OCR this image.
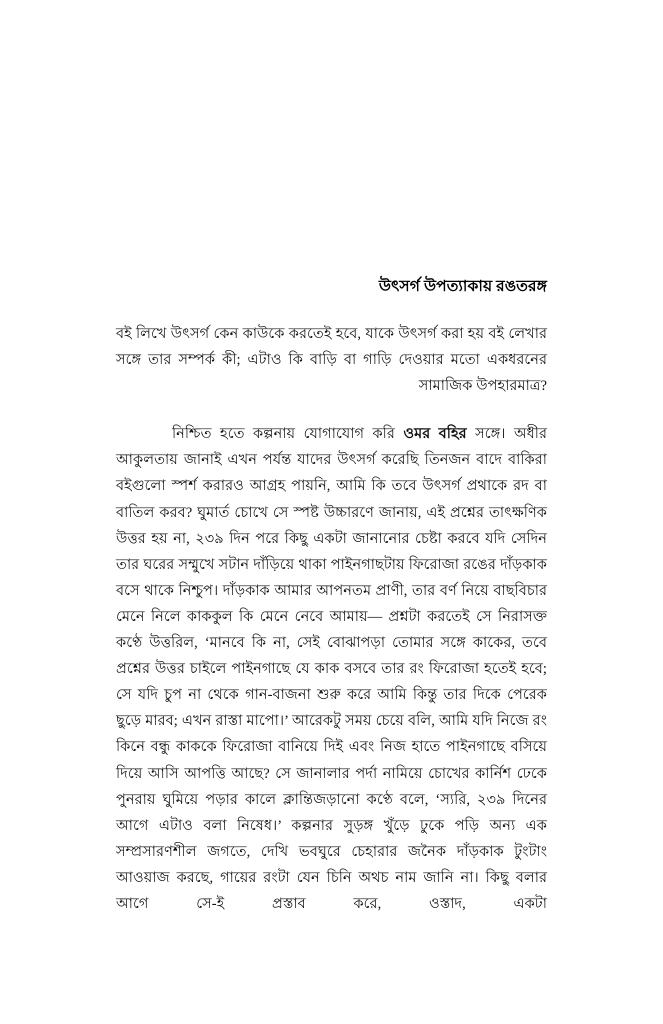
উৎসর্গ উপত্যাকায় রঙতরঙ্গ

বই লিখে উৎসর্গ কেন কাউকে করতেই হবে, যাকে উৎসর্গ করা হয় বই লেখার সঙ্গে তার সম্পর্ক কী; এটাও কি বাড়ি বা গাড়ি দেওয়ার মতো একধরনের সামাজিক উপহারমাত্র?

নিশ্চিত হতে কল্পনায় যোগাযোগ করি ওমর বহির সঙ্গে। অধীর আকুলতায় জানাই এখন পর্যন্ত যাদের উৎসর্গ করেছি তিনজন বাদে বাকিরা বইগুলো স্পর্শ করারও আগ্রহ পায়নি, আমি কি তবে উৎসর্গ প্রথাকে রদ বা বাতিল করব? ঘুমার্ত চোখে সে স্পষ্ট উচ্চারণে জানায়, এই প্রশ্নের তাৎক্ষণিক উত্তর হয় না, ২৩৯ দিন পরে কিছু একটা জানানোর চেষ্টা করবে যদি সেদিন তার ঘরের সম্মুখে সটান দাঁড়িয়ে থাকা পাইনগাছটায় ফিরোজা রঙের দাঁড়কাক বসে থাকে নিশ্চুপ। দাঁড়কাক আমার আপনতম প্রাণী, তার বর্ণ নিয়ে বাছবিচার মেনে নিলে কাককুল কি মেনে নেবে আমায়— প্রশ্নটা করতেই সে নিরাসক্ত কণ্ঠে উত্তরিল, ‘মানবে কি না, সেই বোঝাপড়া তোমার সঙ্গে কাকের, তবে প্রশ্নের উত্তর চাইলে পাইনগাছে যে কাক বসবে তার রং ফিরোজা হতেই হবে; সে যদি চুপ না থেকে গান-বাজনা শুরু করে আমি কিন্তু তার দিকে পেরেক ছুড়ে মারব; এখন রাস্তা মাপো।’ আরেকটু সময় চেয়ে বলি, আমি যদি নিজে রং কিনে বন্ধু কাককে ফিরোজা বানিয়ে দিই এবং নিজ হাতে পাইনগাছে বসিয়ে দিয়ে আসি আপত্তি আছে? সে জানালার পর্দা নামিয়ে চোখের কার্নিশ ঢেকে পুনরায় ঘুমিয়ে পড়ার কালে ক্লান্তিজড়ানো কণ্ঠে বলে, ‘স্যরি, ২৩৯ দিনের আগে এটাও বলা নিষেধ।’ কল্পনার সুড়ঙ্গ খুঁড়ে ঢুকে পড়ি অন্য এক সম্প্রসারণশীল জগতে, দেখি ভবঘুরে চেহারার জনৈক দাঁড়কাক টুংটাং আওয়াজ করছে, গায়ের রংটা যেন চিনি অথচ নাম জানি না। কিছু বলার আগে সে-ই প্রস্তাব করে, ওস্তাদ, একটা
